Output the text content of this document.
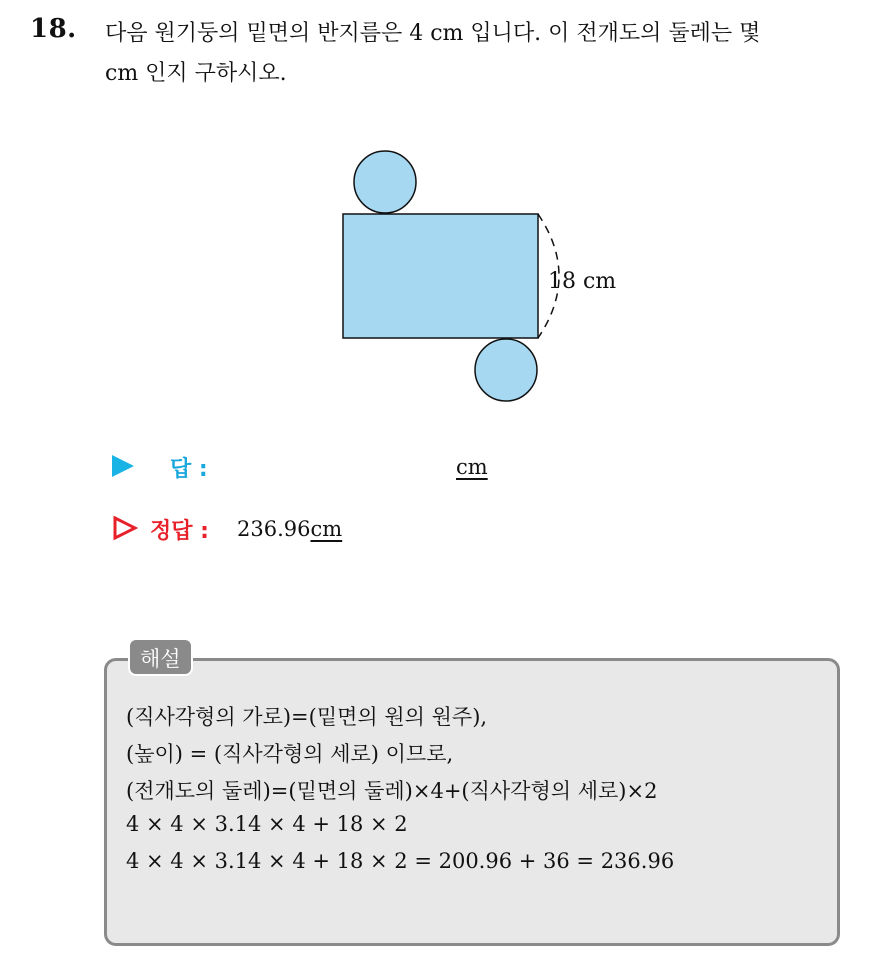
18. 다음 원기둥의 밑면의 반지름은 4 cm 입니다. 이 전개도의 둘레는 몇
cm 인지 구하시오.
18 cm
답 :	cm
정답 : 236.96cm
해설
(직사각형의 가로)=(밑면의 원의 원주),
(높이) = (직사각형의 세로) 이므로,
(전개도의 둘레)=(밑면의 둘레)×4+(직사각형의 세로)×2
4 × 4 × 3.14 × 4 + 18 × 2
4 × 4 × 3.14 × 4 + 18 × 2 = 200.96 + 36 = 236.96
